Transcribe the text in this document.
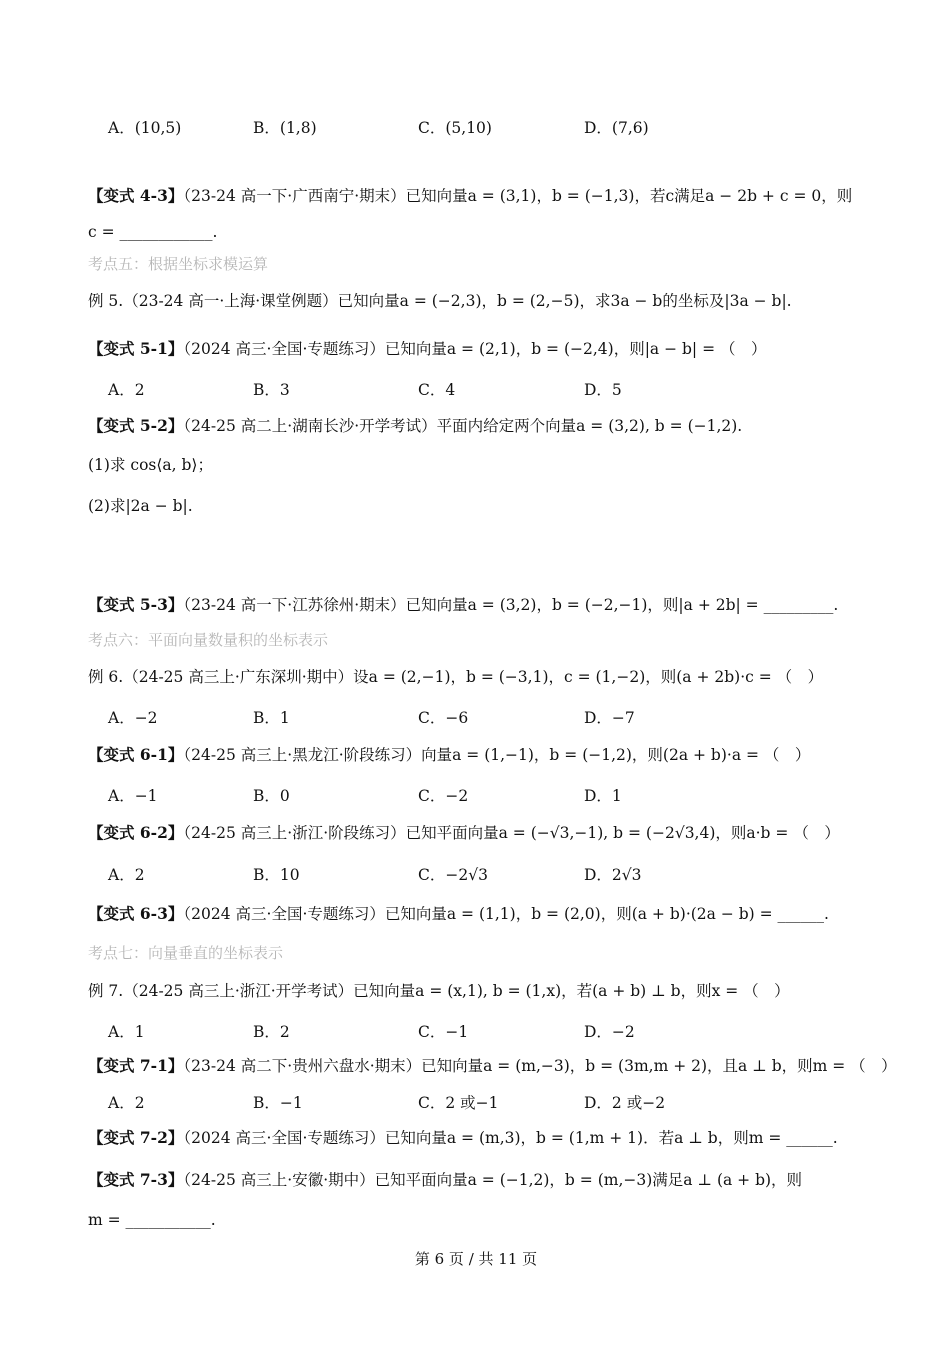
A．(10,5)	B．(1,8)	C．(5,10)	D．(7,6)
【变式 4-3】（23-24 高一下·广西南宁·期末）已知向量a = (3,1)，b = (−1,3)，若c满足a − 2b + c = 0，则
c = ____________.
考点五：根据坐标求模运算
例 5.（23-24 高一·上海·课堂例题）已知向量a = (−2,3)，b = (2,−5)，求3a − b的坐标及|3a − b|.
【变式 5-1】（2024 高三·全国·专题练习）已知向量a = (2,1)，b = (−2,4)，则|a − b| = （　）
A．2	B．3	C．4	D．5
【变式 5-2】（24-25 高二上·湖南长沙·开学考试）平面内给定两个向量a = (3,2), b = (−1,2).
(1)求 cos⟨a, b⟩；
(2)求|2a − b|.
【变式 5-3】（23-24 高一下·江苏徐州·期末）已知向量a = (3,2)，b = (−2,−1)，则|a + 2b| = _________.
考点六：平面向量数量积的坐标表示
例 6.（24-25 高三上·广东深圳·期中）设a = (2,−1)，b = (−3,1)，c = (1,−2)，则(a + 2b)·c = （　）
A．−2	B．1	C．−6	D．−7
【变式 6-1】（24-25 高三上·黑龙江·阶段练习）向量a = (1,−1)，b = (−1,2)，则(2a + b)·a = （　）
A．−1	B．0	C．−2	D．1
【变式 6-2】（24-25 高三上·浙江·阶段练习）已知平面向量a = (−√3,−1), b = (−2√3,4)，则a·b = （　）
A．2	B．10	C．−2√3	D．2√3
【变式 6-3】（2024 高三·全国·专题练习）已知向量a = (1,1)，b = (2,0)，则(a + b)·(2a − b) = ______.
考点七：向量垂直的坐标表示
例 7.（24-25 高三上·浙江·开学考试）已知向量a = (x,1), b = (1,x)，若(a + b) ⊥ b，则x = （　）
A．1	B．2	C．−1	D．−2
【变式 7-1】（23-24 高二下·贵州六盘水·期末）已知向量a = (m,−3)，b = (3m,m + 2)，且a ⊥ b，则m = （　）
A．2	B．−1	C．2 或−1	D．2 或−2
【变式 7-2】（2024 高三·全国·专题练习）已知向量a = (m,3)，b = (1,m + 1)．若a ⊥ b，则m = ______.
【变式 7-3】（24-25 高三上·安徽·期中）已知平面向量a = (−1,2)，b = (m,−3)满足a ⊥ (a + b)，则
m = ___________.
第 6 页 / 共 11 页
